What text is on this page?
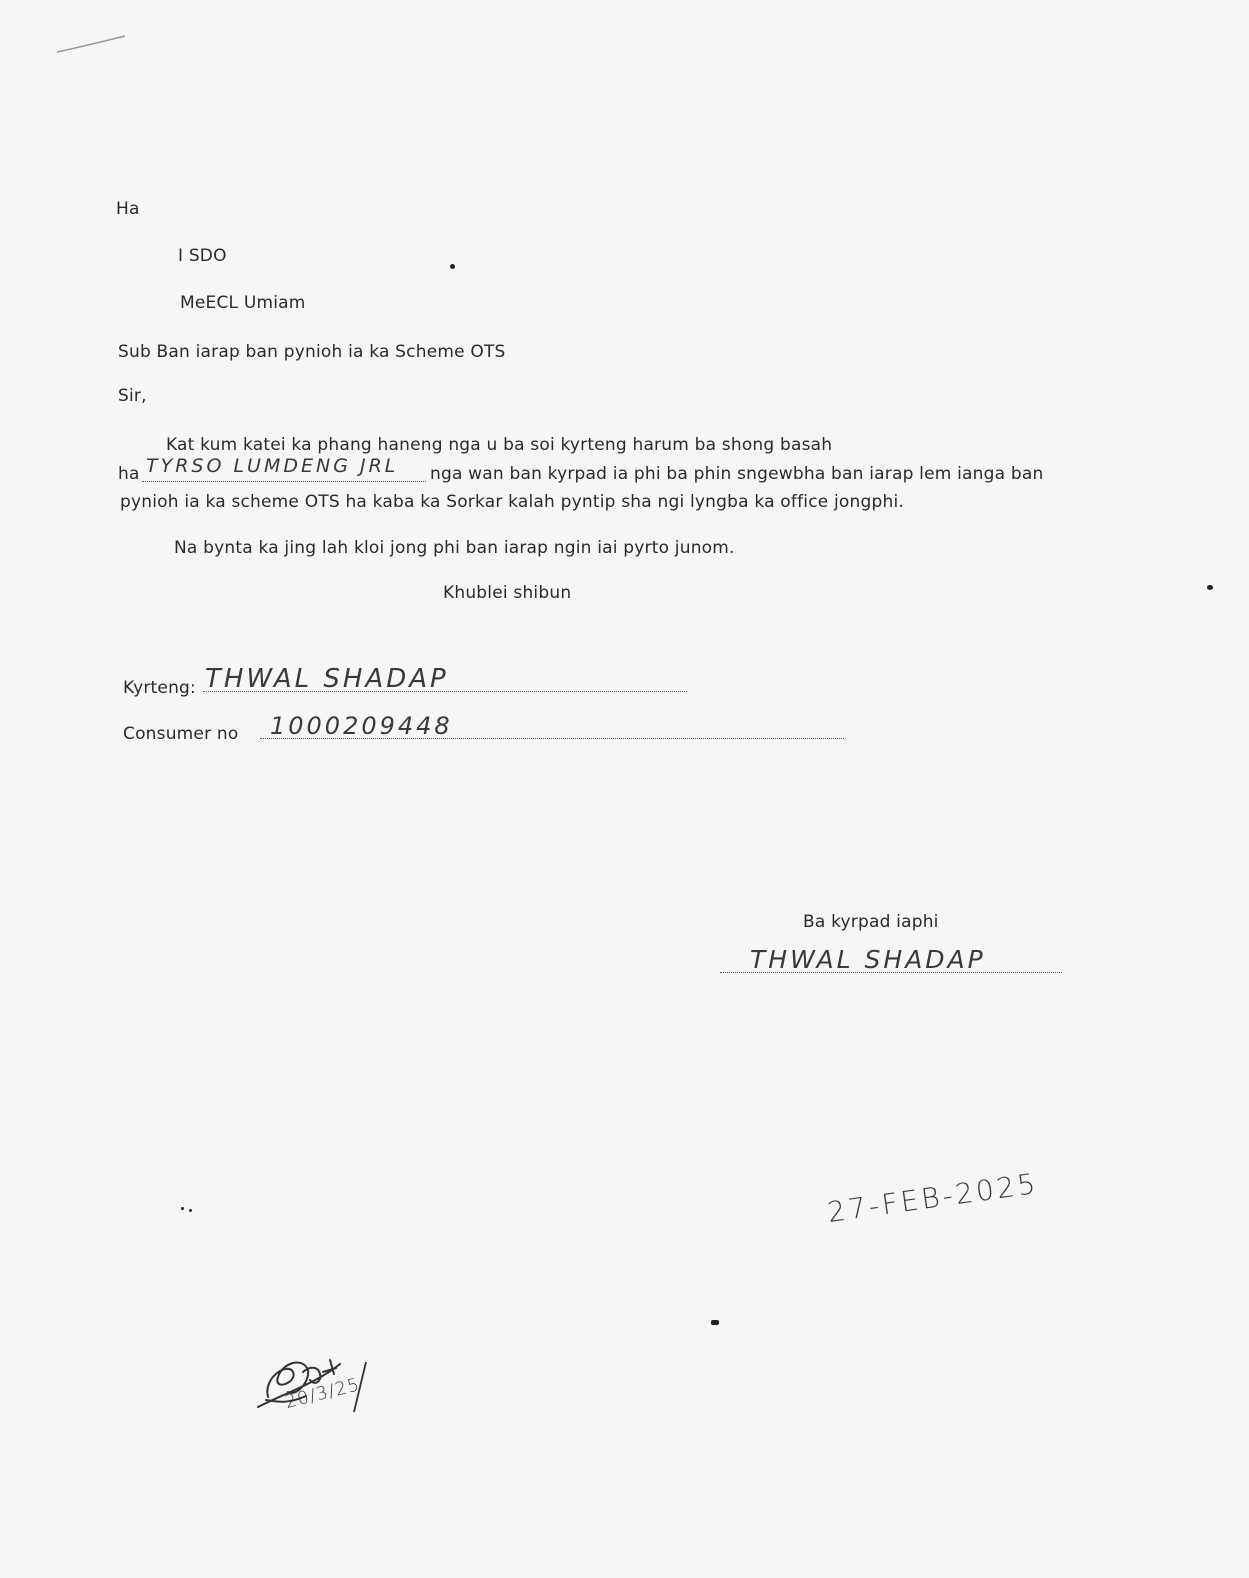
Ha
I SDO
MeECL Umiam
Sub Ban iarap ban pynioh ia ka Scheme OTS
Sir,
Kat kum katei ka phang haneng nga u ba soi kyrteng harum ba shong basah
ha TYRSO LUMDENG JRL nga wan ban kyrpad ia phi ba phin sngewbha ban iarap lem ianga ban
pynioh ia ka scheme OTS ha kaba ka Sorkar kalah pyntip sha ngi lyngba ka office jongphi.
Na bynta ka jing lah kloi jong phi ban iarap ngin iai pyrto junom.
Khublei shibun
Kyrteng: THWAL SHADAP
Consumer no 1000209448
Ba kyrpad iaphi
THWAL SHADAP
27-FEB-2025
20/3/25
